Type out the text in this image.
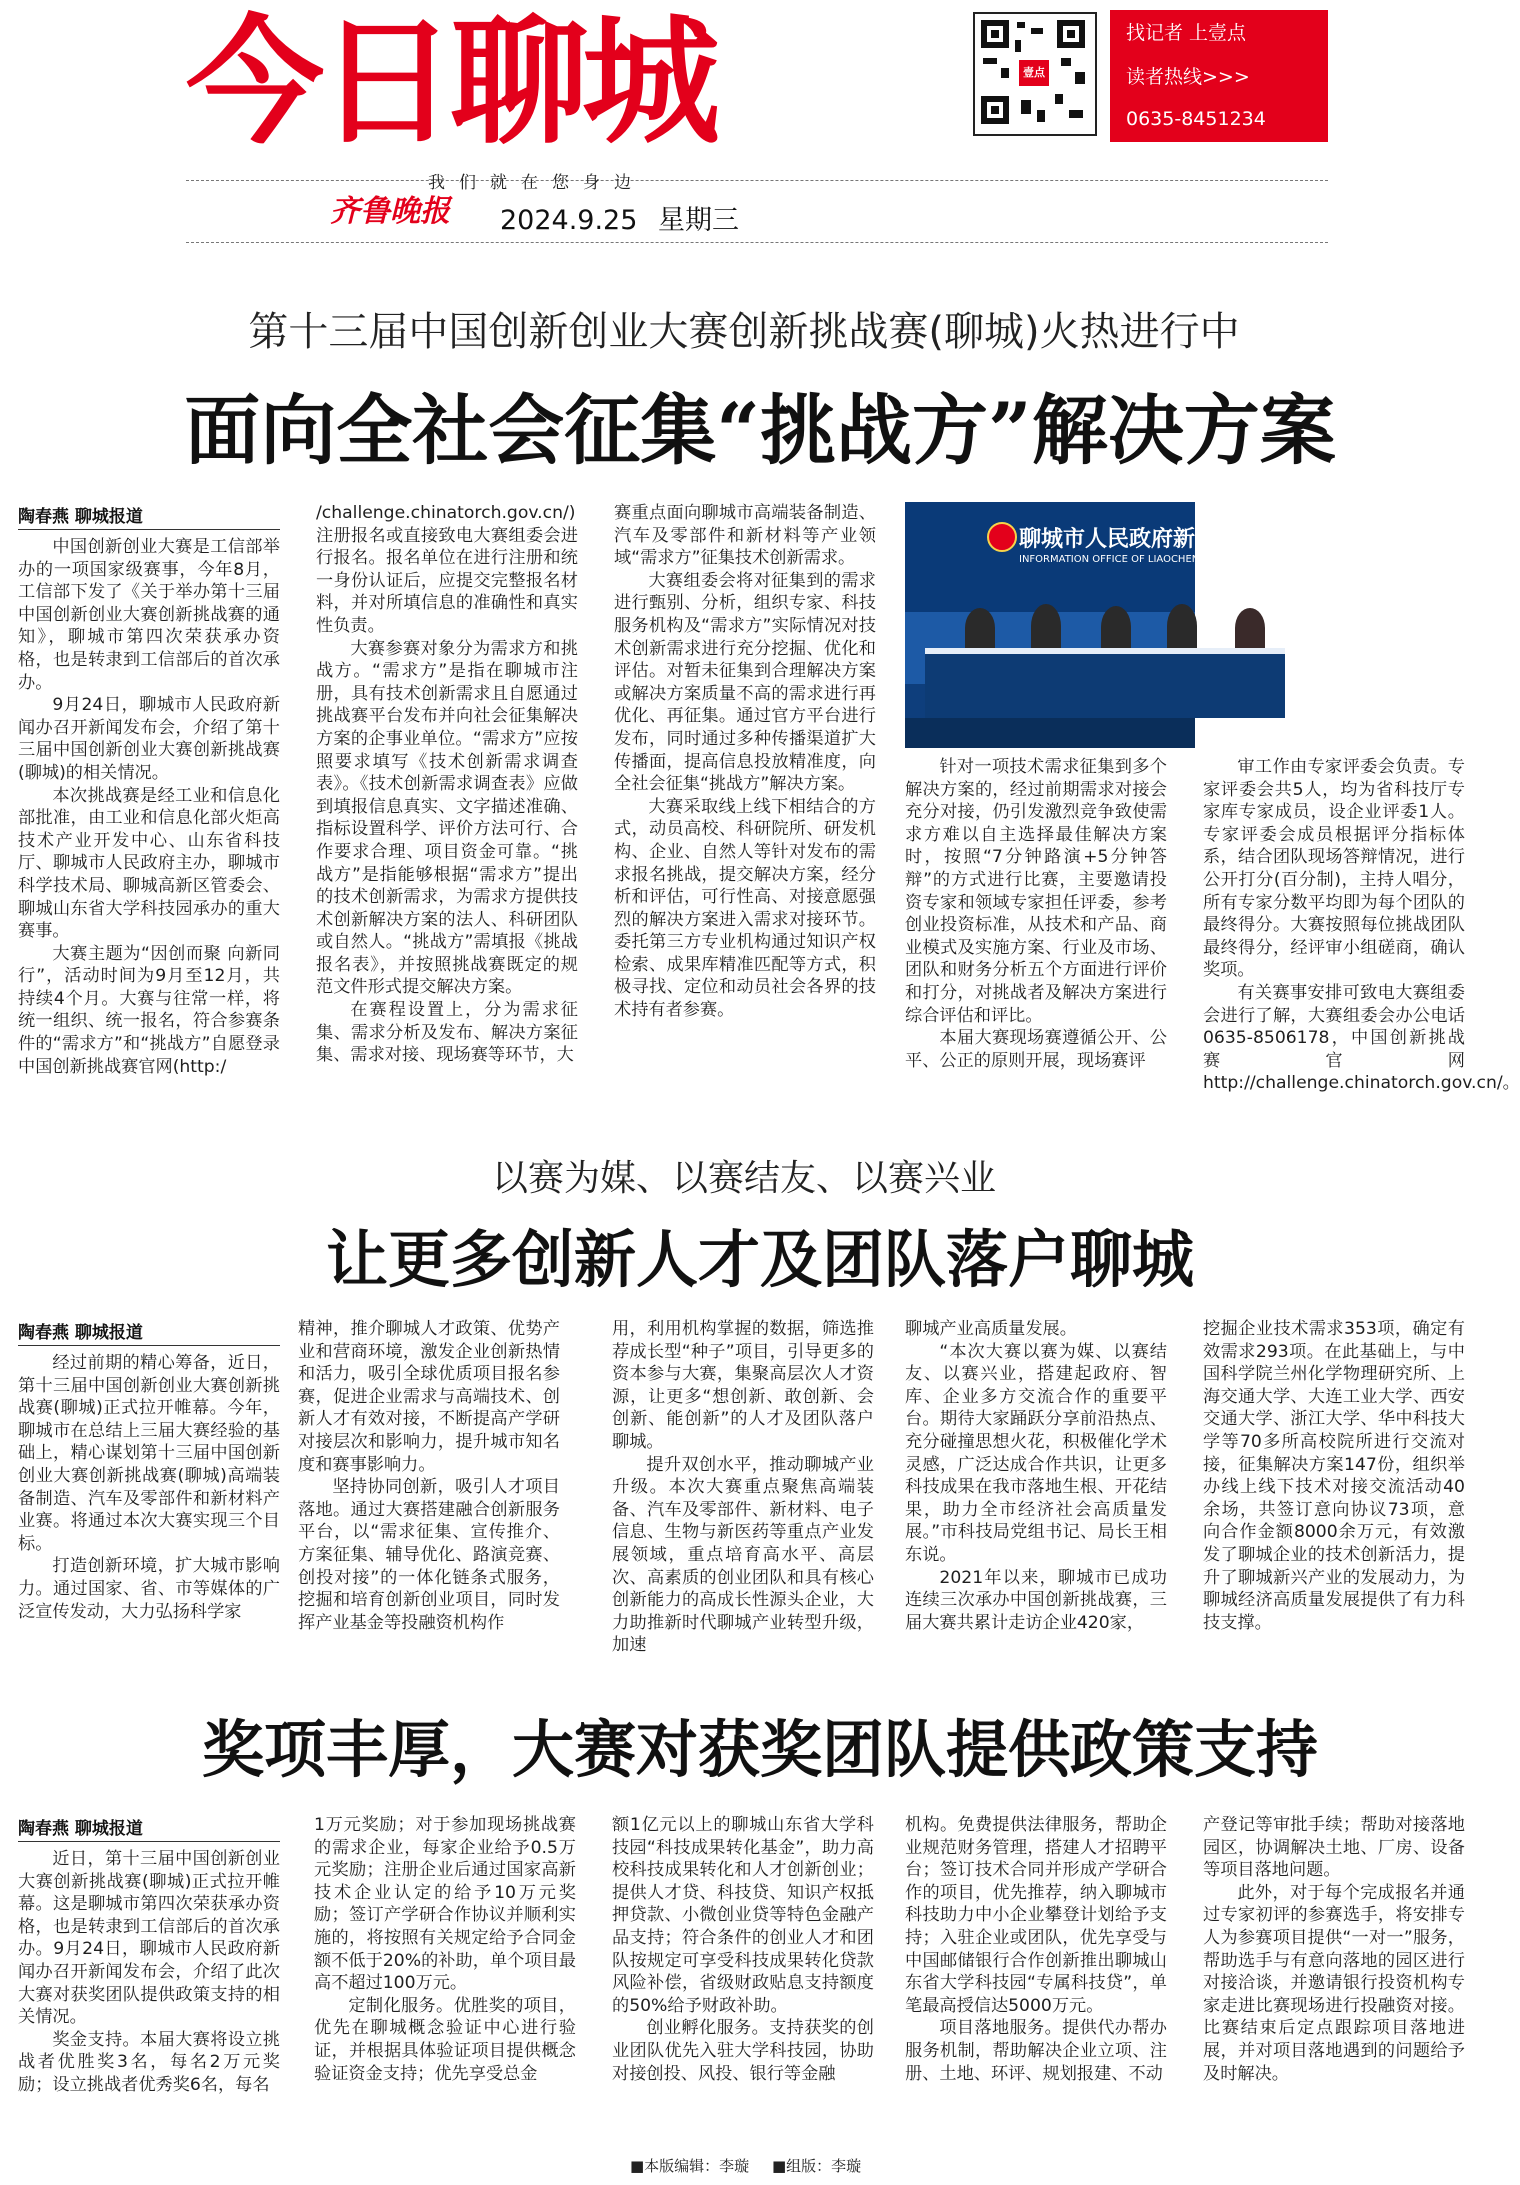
今日聊城	壹点
找记者 上壹点
读者热线>>>
0635-8451234
我们就在您身边
齐鲁晚报 2024.9.25 星期三
第十三届中国创新创业大赛创新挑战赛(聊城)火热进行中
面向全社会征集“挑战方”解决方案
陶春燕 聊城报道

中国创新创业大赛是工信部举办的一项国家级赛事，今年8月，工信部下发了《关于举办第十三届中国创新创业大赛创新挑战赛的通知》，聊城市第四次荣获承办资格，也是转隶到工信部后的首次承办。

9月24日，聊城市人民政府新闻办召开新闻发布会，介绍了第十三届中国创新创业大赛创新挑战赛(聊城)的相关情况。

本次挑战赛是经工业和信息化部批准，由工业和信息化部火炬高技术产业开发中心、山东省科技厅、聊城市人民政府主办，聊城市科学技术局、聊城高新区管委会、聊城山东省大学科技园承办的重大赛事。

大赛主题为“因创而聚 向新同行”，活动时间为9月至12月，共持续4个月。大赛与往常一样，将统一组织、统一报名，符合参赛条件的“需求方”和“挑战方”自愿登录中国创新挑战赛官网(http:/

/challenge.chinatorch.gov.cn/)注册报名或直接致电大赛组委会进行报名。报名单位在进行注册和统一身份认证后，应提交完整报名材料，并对所填信息的准确性和真实性负责。

大赛参赛对象分为需求方和挑战方。“需求方”是指在聊城市注册，具有技术创新需求且自愿通过挑战赛平台发布并向社会征集解决方案的企事业单位。“需求方”应按照要求填写《技术创新需求调查表》。《技术创新需求调查表》应做到填报信息真实、文字描述准确、指标设置科学、评价方法可行、合作要求合理、项目资金可靠。“挑战方”是指能够根据“需求方”提出的技术创新需求，为需求方提供技术创新解决方案的法人、科研团队或自然人。“挑战方”需填报《挑战报名表》，并按照挑战赛既定的规范文件形式提交解决方案。

在赛程设置上，分为需求征集、需求分析及发布、解决方案征集、需求对接、现场赛等环节，大

赛重点面向聊城市高端装备制造、汽车及零部件和新材料等产业领域“需求方”征集技术创新需求。

大赛组委会将对征集到的需求进行甄别、分析，组织专家、科技服务机构及“需求方”实际情况对技术创新需求进行充分挖掘、优化和评估。对暂未征集到合理解决方案或解决方案质量不高的需求进行再优化、再征集。通过官方平台进行发布，同时通过多种传播渠道扩大传播面，提高信息投放精准度，向全社会征集“挑战方”解决方案。

大赛采取线上线下相结合的方式，动员高校、科研院所、研发机构、企业、自然人等针对发布的需求报名挑战，提交解决方案，经分析和评估，可行性高、对接意愿强烈的解决方案进入需求对接环节。委托第三方专业机构通过知识产权检索、成果库精准匹配等方式，积极寻找、定位和动员社会各界的技术持有者参赛。

聊城市人民政府新闻办公室
INFORMATION OFFICE OF LIAOCHENG MUNICIPAL PEOPLE'S GOVERNMENT

针对一项技术需求征集到多个解决方案的，经过前期需求对接会充分对接，仍引发激烈竞争致使需求方难以自主选择最佳解决方案时，按照“7分钟路演+5分钟答辩”的方式进行比赛，主要邀请投资专家和领域专家担任评委，参考创业投资标准，从技术和产品、商业模式及实施方案、行业及市场、团队和财务分析五个方面进行评价和打分，对挑战者及解决方案进行综合评估和评比。

本届大赛现场赛遵循公开、公平、公正的原则开展，现场赛评

审工作由专家评委会负责。专家评委会共5人，均为省科技厅专家库专家成员，设企业评委1人。专家评委会成员根据评分指标体系，结合团队现场答辩情况，进行公开打分(百分制)，主持人唱分，所有专家分数平均即为每个团队的最终得分。大赛按照每位挑战团队最终得分，经评审小组磋商，确认奖项。

有关赛事安排可致电大赛组委会进行了解，大赛组委会办公电话0635-8506178，中国创新挑战赛官网http://challenge.chinatorch.gov.cn/。

以赛为媒、以赛结友、以赛兴业
让更多创新人才及团队落户聊城
陶春燕 聊城报道

经过前期的精心筹备，近日，第十三届中国创新创业大赛创新挑战赛(聊城)正式拉开帷幕。今年，聊城市在总结上三届大赛经验的基础上，精心谋划第十三届中国创新创业大赛创新挑战赛(聊城)高端装备制造、汽车及零部件和新材料产业赛。将通过本次大赛实现三个目标。

打造创新环境，扩大城市影响力。通过国家、省、市等媒体的广泛宣传发动，大力弘扬科学家

精神，推介聊城人才政策、优势产业和营商环境，激发企业创新热情和活力，吸引全球优质项目报名参赛，促进企业需求与高端技术、创新人才有效对接，不断提高产学研对接层次和影响力，提升城市知名度和赛事影响力。

坚持协同创新，吸引人才项目落地。通过大赛搭建融合创新服务平台，以“需求征集、宣传推介、方案征集、辅导优化、路演竞赛、创投对接”的一体化链条式服务，挖掘和培育创新创业项目，同时发挥产业基金等投融资机构作

用，利用机构掌握的数据，筛选推荐成长型“种子”项目，引导更多的资本参与大赛，集聚高层次人才资源，让更多“想创新、敢创新、会创新、能创新”的人才及团队落户聊城。

提升双创水平，推动聊城产业升级。本次大赛重点聚焦高端装备、汽车及零部件、新材料、电子信息、生物与新医药等重点产业发展领域，重点培育高水平、高层次、高素质的创业团队和具有核心创新能力的高成长性源头企业，大力助推新时代聊城产业转型升级，加速

聊城产业高质量发展。

“本次大赛以赛为媒、以赛结友、以赛兴业，搭建起政府、智库、企业多方交流合作的重要平台。期待大家踊跃分享前沿热点、充分碰撞思想火花，积极催化学术灵感，广泛达成合作共识，让更多科技成果在我市落地生根、开花结果，助力全市经济社会高质量发展。”市科技局党组书记、局长王相东说。

2021年以来，聊城市已成功连续三次承办中国创新挑战赛，三届大赛共累计走访企业420家，

挖掘企业技术需求353项，确定有效需求293项。在此基础上，与中国科学院兰州化学物理研究所、上海交通大学、大连工业大学、西安交通大学、浙江大学、华中科技大学等70多所高校院所进行交流对接，征集解决方案147份，组织举办线上线下技术对接交流活动40余场，共签订意向协议73项，意向合作金额8000余万元，有效激发了聊城企业的技术创新活力，提升了聊城新兴产业的发展动力，为聊城经济高质量发展提供了有力科技支撑。

奖项丰厚，大赛对获奖团队提供政策支持
陶春燕 聊城报道

近日，第十三届中国创新创业大赛创新挑战赛(聊城)正式拉开帷幕。这是聊城市第四次荣获承办资格，也是转隶到工信部后的首次承办。9月24日，聊城市人民政府新闻办召开新闻发布会，介绍了此次大赛对获奖团队提供政策支持的相关情况。

奖金支持。本届大赛将设立挑战者优胜奖3名，每名2万元奖励；设立挑战者优秀奖6名，每名

1万元奖励；对于参加现场挑战赛的需求企业，每家企业给予0.5万元奖励；注册企业后通过国家高新技术企业认定的给予10万元奖励；签订产学研合作协议并顺利实施的，将按照有关规定给予合同金额不低于20%的补助，单个项目最高不超过100万元。

定制化服务。优胜奖的项目，优先在聊城概念验证中心进行验证，并根据具体验证项目提供概念验证资金支持；优先享受总金

额1亿元以上的聊城山东省大学科技园“科技成果转化基金”，助力高校科技成果转化和人才创新创业；提供人才贷、科技贷、知识产权抵押贷款、小微创业贷等特色金融产品支持；符合条件的创业人才和团队按规定可享受科技成果转化贷款风险补偿，省级财政贴息支持额度的50%给予财政补助。

创业孵化服务。支持获奖的创业团队优先入驻大学科技园，协助对接创投、风投、银行等金融

机构。免费提供法律服务，帮助企业规范财务管理，搭建人才招聘平台；签订技术合同并形成产学研合作的项目，优先推荐，纳入聊城市科技助力中小企业攀登计划给予支持；入驻企业或团队，优先享受与中国邮储银行合作创新推出聊城山东省大学科技园“专属科技贷”，单笔最高授信达5000万元。

项目落地服务。提供代办帮办服务机制，帮助解决企业立项、注册、土地、环评、规划报建、不动

产登记等审批手续；帮助对接落地园区，协调解决土地、厂房、设备等项目落地问题。

此外，对于每个完成报名并通过专家初评的参赛选手，将安排专人为参赛项目提供“一对一”服务，帮助选手与有意向落地的园区进行对接洽谈，并邀请银行投资机构专家走进比赛现场进行投融资对接。比赛结束后定点跟踪项目落地进展，并对项目落地遇到的问题给予及时解决。

■本版编辑：李璇 ■组版：李璇
